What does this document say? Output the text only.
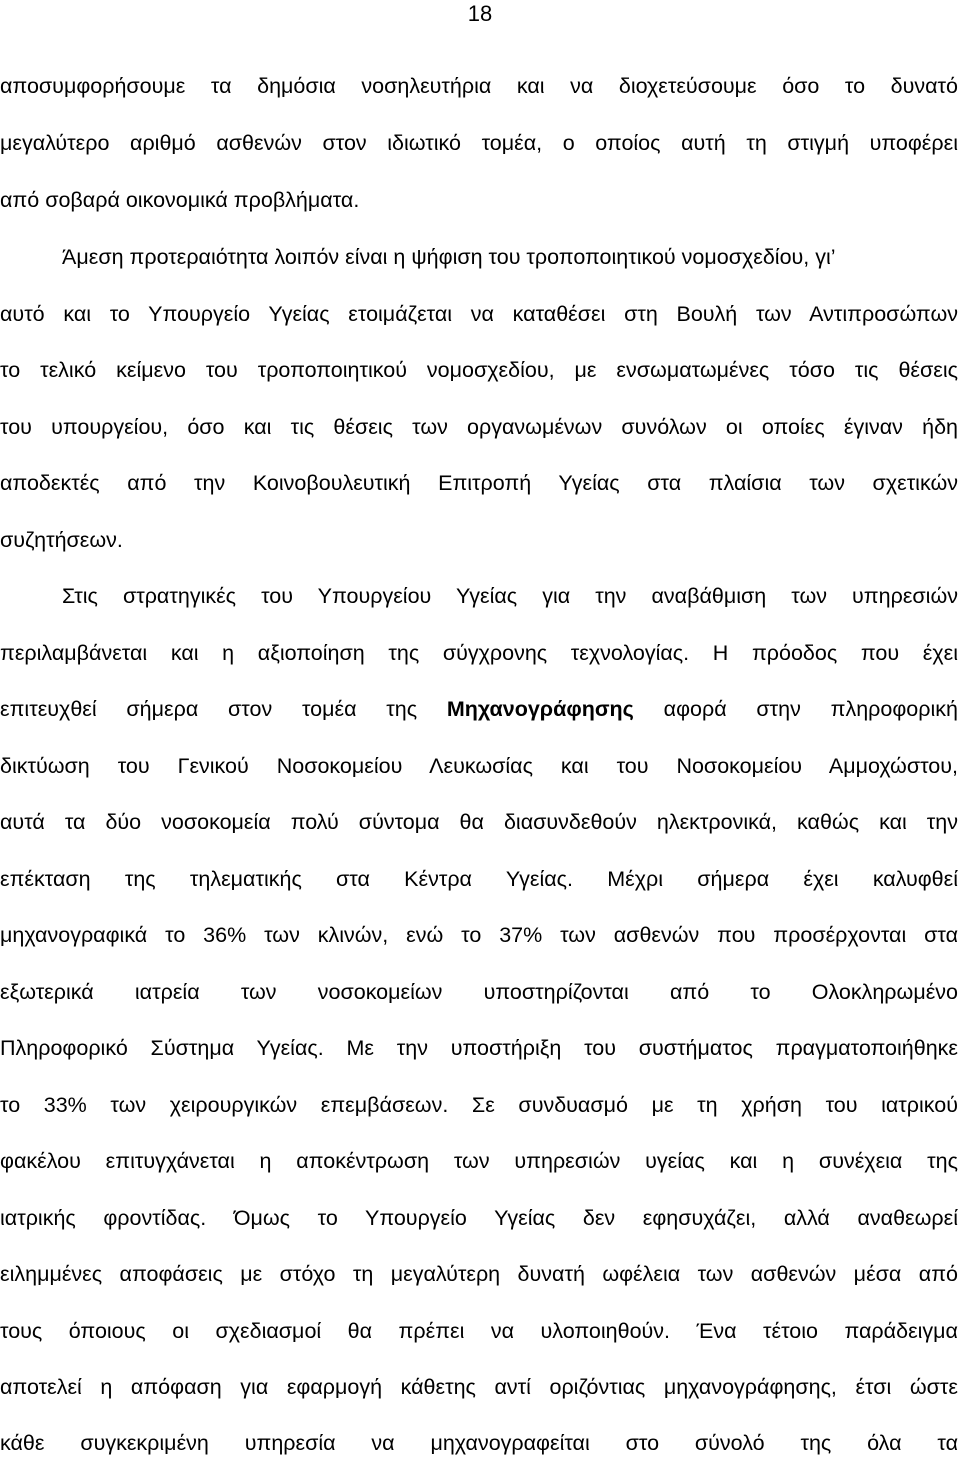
18
αποσυμφορήσουμε τα δημόσια νοσηλευτήρια και να διοχετεύσουμε όσο το δυνατό
μεγαλύτερο αριθμό ασθενών στον ιδιωτικό τομέα, ο οποίος αυτή τη στιγμή υποφέρει
από σοβαρά οικονομικά προβλήματα.
Άμεση προτεραιότητα λοιπόν είναι η ψήφιση του τροποποιητικού νομοσχεδίου, γι’
αυτό και το Υπουργείο Υγείας ετοιμάζεται να καταθέσει στη Βουλή των Αντιπροσώπων
το τελικό κείμενο του τροποποιητικού νομοσχεδίου, με ενσωματωμένες τόσο τις θέσεις
του υπουργείου, όσο και τις θέσεις των οργανωμένων συνόλων οι οποίες έγιναν ήδη
αποδεκτές από την Κοινοβουλευτική Επιτροπή Υγείας στα πλαίσια των σχετικών
συζητήσεων.
Στις στρατηγικές του Υπουργείου Υγείας για την αναβάθμιση των υπηρεσιών
περιλαμβάνεται και η αξιοποίηση της σύγχρονης τεχνολογίας. Η πρόοδος που έχει
επιτευχθεί σήμερα στον τομέα της Μηχανογράφησης αφορά στην πληροφορική
δικτύωση του Γενικού Νοσοκομείου Λευκωσίας και του Νοσοκομείου Αμμοχώστου,
αυτά τα δύο νοσοκομεία πολύ σύντομα θα διασυνδεθούν ηλεκτρονικά, καθώς και την
επέκταση της τηλεματικής στα Κέντρα Υγείας. Μέχρι σήμερα έχει καλυφθεί
μηχανογραφικά το 36% των κλινών, ενώ το 37% των ασθενών που προσέρχονται στα
εξωτερικά ιατρεία των νοσοκομείων υποστηρίζονται από το Ολοκληρωμένο
Πληροφορικό Σύστημα Υγείας. Με την υποστήριξη του συστήματος πραγματοποιήθηκε
το 33% των χειρουργικών επεμβάσεων. Σε συνδυασμό με τη χρήση του ιατρικού
φακέλου επιτυγχάνεται η αποκέντρωση των υπηρεσιών υγείας και η συνέχεια της
ιατρικής φροντίδας. Όμως το Υπουργείο Υγείας δεν εφησυχάζει, αλλά αναθεωρεί
ειλημμένες αποφάσεις με στόχο τη μεγαλύτερη δυνατή ωφέλεια των ασθενών μέσα από
τους όποιους οι σχεδιασμοί θα πρέπει να υλοποιηθούν. Ένα τέτοιο παράδειγμα
αποτελεί η απόφαση για εφαρμογή κάθετης αντί οριζόντιας μηχανογράφησης, έτσι ώστε
κάθε συγκεκριμένη υπηρεσία να μηχανογραφείται στο σύνολό της όλα τα
